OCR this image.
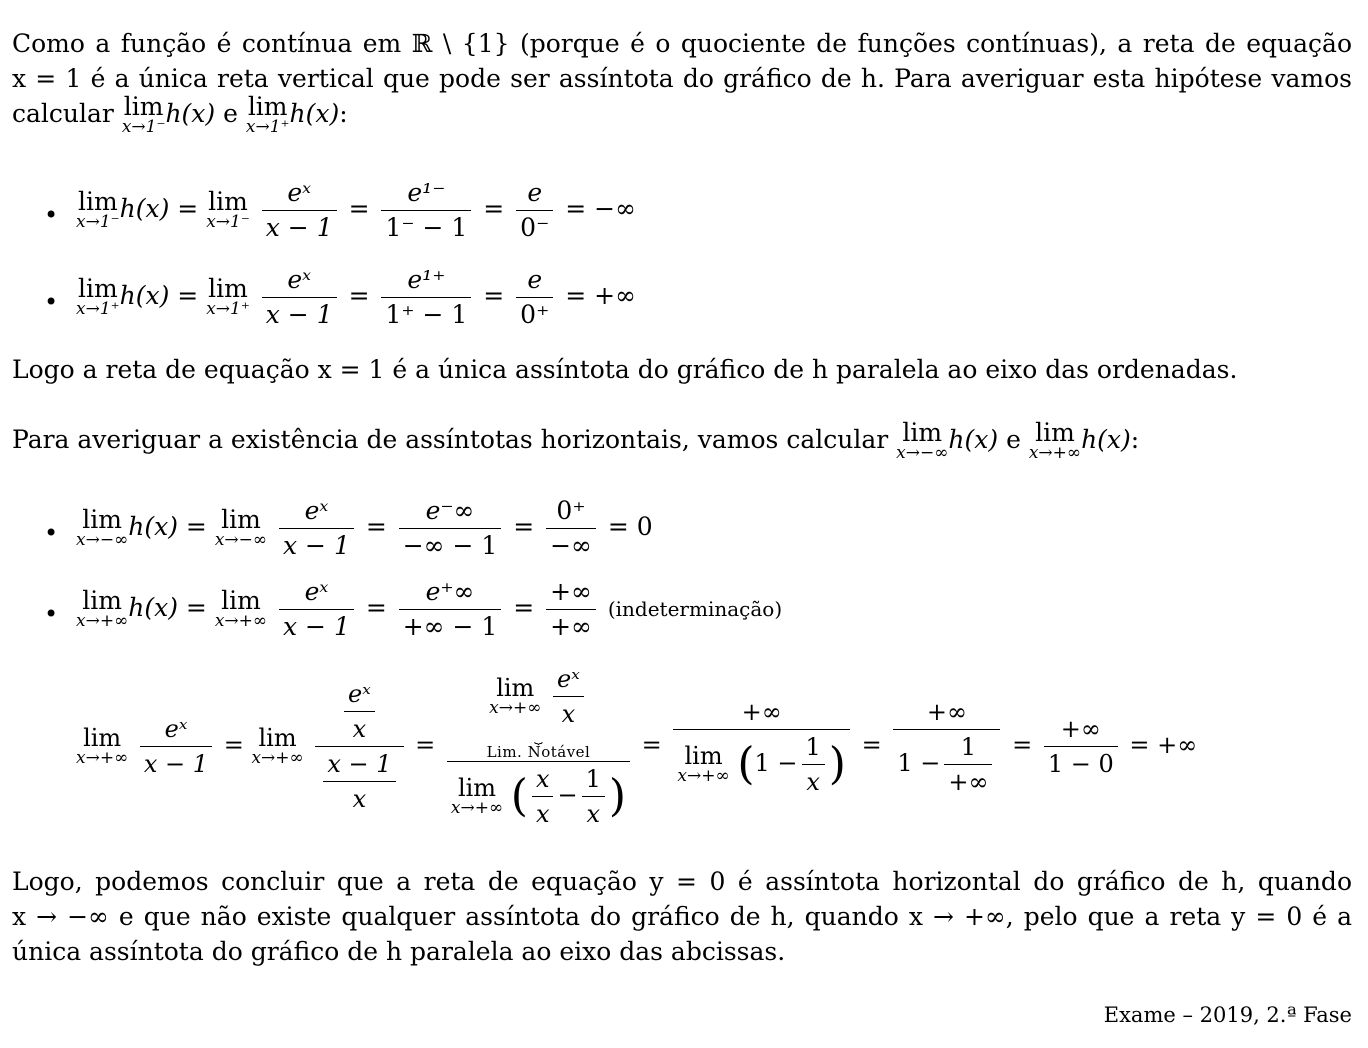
Como a função é contínua em ℝ \ {1} (porque é o quociente de funções contínuas), a reta de equação
x = 1 é a única reta vertical que pode ser assíntota do gráfico de h. Para averiguar esta hipótese vamos
calcular lim
x→1⁻ h(x) e lim
x→1⁺ h(x):
• lim
x→1⁻ h(x) = lim
x→1⁻
$\frac{\text{eˣ}}{x - 1} = \frac{\text{e¹⁻}}{1^- - 1} = \frac{e}{0^-}$ = −∞
• lim
x→1⁺ h(x) = lim
x→1⁺
$\frac{\text{eˣ}}{x - 1} = \frac{\text{e¹⁺}}{1^+ - 1} = \frac{e}{0^+}$ = +∞
Logo a reta de equação x = 1 é a única assíntota do gráfico de h paralela ao eixo das ordenadas.
Para averiguar a existência de assíntotas horizontais, vamos calcular lim
x→−∞ h(x) e lim
x→+∞ h(x):
• lim
x→−∞ h(x) = lim
x→−∞
$\frac{\text{eˣ}}{x - 1} = \frac{e^-\infty}{-\infty - 1} = \frac{0^+}{-\infty} = 0$
• lim
x→+∞ h(x) = lim
x→+∞
$\frac{\text{eˣ}}{x - 1} = \frac{e^+\infty}{+\infty - 1} = \frac{+\infty}{+\infty}$ (indeterminação)
lim
x→+∞
$\frac{\text{eˣ}}{x - 1} = \lim$
x→+∞
$\frac{\frac{\text{eˣ}}{x}}{\frac{x - 1}{x}} = \lim$
x→+∞
$\frac{\text{eˣ}}{x}$
⏟
Lim. Notável
lim
x→+∞ ( $\frac{x}{x} - \frac{1}{x}$ ) = +∞
lim
x→+∞ ($1 - \frac{1}{x}$ ) = $\frac{+\infty}{1 - \frac{1}{+\infty}} = \frac{+\infty}{1 - 0}$ = +∞
Logo, podemos concluir que a reta de equação y = 0 é assíntota horizontal do gráfico de h, quando
x → −∞ e que não existe qualquer assíntota do gráfico de h, quando x → +∞, pelo que a reta y = 0 é a
única assíntota do gráfico de h paralela ao eixo das abcissas.
Exame – 2019, 2.ª Fase
